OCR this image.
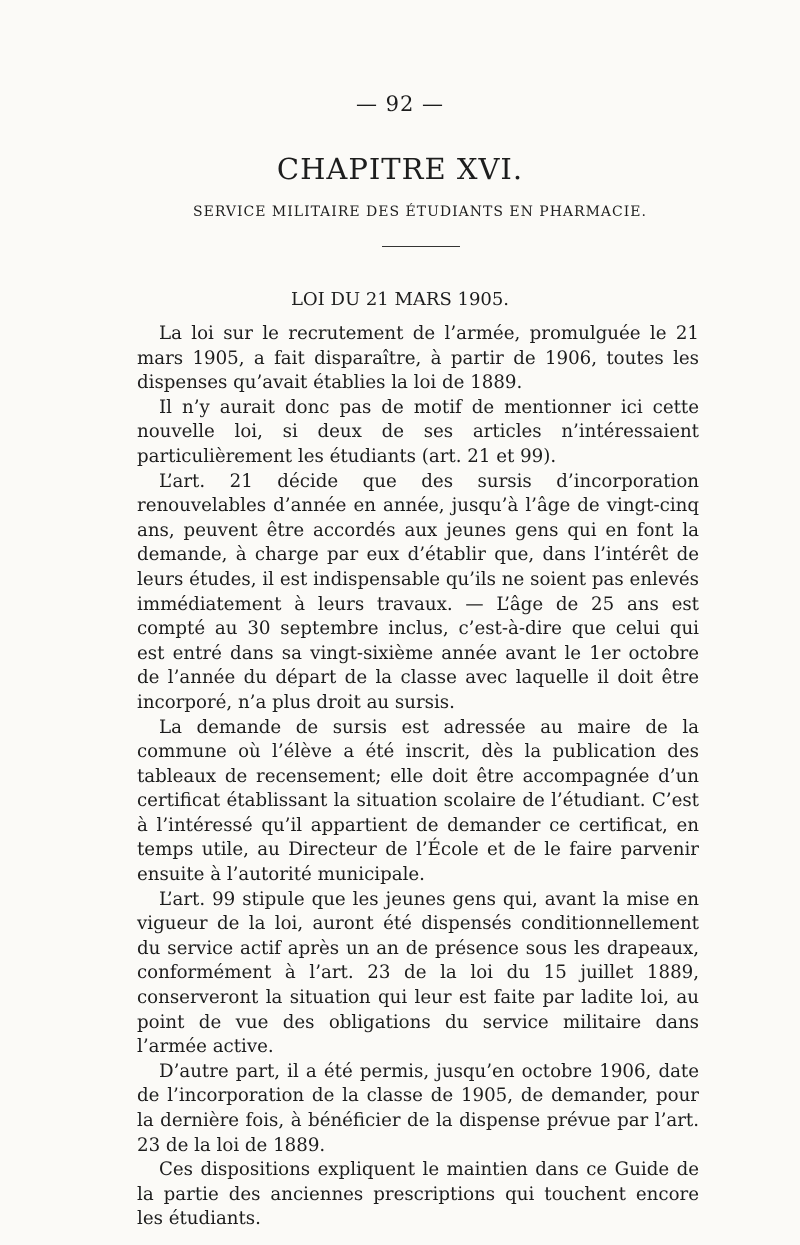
— 92 —
CHAPITRE XVI.
SERVICE MILITAIRE DES ÉTUDIANTS EN PHARMACIE.
LOI DU 21 MARS 1905.

La loi sur le recrutement de l’armée, promulguée le 21 mars 1905, a fait disparaître, à partir de 1906, toutes les dispenses qu’avait établies la loi de 1889.

Il n’y aurait donc pas de motif de mentionner ici cette nouvelle loi, si deux de ses articles n’intéressaient particulièrement les étudiants (art. 21 et 99).

L’art. 21 décide que des sursis d’incorporation renouvelables d’année en année, jusqu’à l’âge de vingt-cinq ans, peuvent être accordés aux jeunes gens qui en font la demande, à charge par eux d’établir que, dans l’intérêt de leurs études, il est indispensable qu’ils ne soient pas enlevés immédiatement à leurs travaux. — L’âge de 25 ans est compté au 30 septembre inclus, c’est-à-dire que celui qui est entré dans sa vingt-sixième année avant le 1er octobre de l’année du départ de la classe avec laquelle il doit être incorporé, n’a plus droit au sursis.

La demande de sursis est adressée au maire de la commune où l’élève a été inscrit, dès la publication des tableaux de recensement; elle doit être accompagnée d’un certificat établissant la situation scolaire de l’étudiant. C’est à l’intéressé qu’il appartient de demander ce certificat, en temps utile, au Directeur de l’École et de le faire parvenir ensuite à l’autorité municipale.

L’art. 99 stipule que les jeunes gens qui, avant la mise en vigueur de la loi, auront été dispensés conditionnellement du service actif après un an de présence sous les drapeaux, conformément à l’art. 23 de la loi du 15 juillet 1889, conserveront la situation qui leur est faite par ladite loi, au point de vue des obligations du service militaire dans l’armée active.

D’autre part, il a été permis, jusqu’en octobre 1906, date de l’incorporation de la classe de 1905, de demander, pour la dernière fois, à bénéficier de la dispense prévue par l’art. 23 de la loi de 1889.

Ces dispositions expliquent le maintien dans ce Guide de la partie des anciennes prescriptions qui touchent encore les étudiants.
